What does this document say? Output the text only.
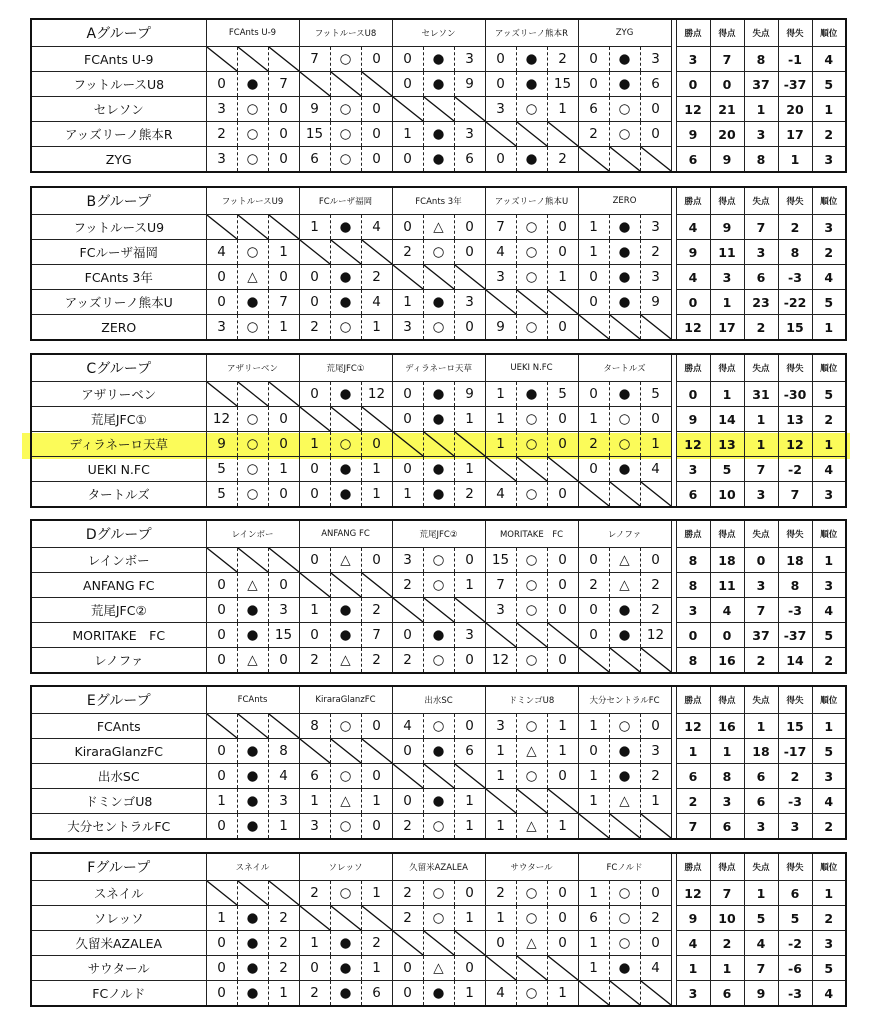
Aグループ	FCAnts U-9	フットルースU8	セレソン	アッズリーノ熊本R	ZYG		勝点	得点	失点	得失	順位
FCAnts U-9		7 ○ 0	0 ● 3	0 ● 2	0 ● 3		3	7	8	-1	4
フットルースU8	0 ● 7		0 ● 9	0 ● 15	0 ● 6		0	0	37	-37	5
セレソン	3 ○ 0	9 ○ 0		3 ○ 1	6 ○ 0		12	21	1	20	1
アッズリーノ熊本R	2 ○ 0	15 ○ 0	1 ● 3		2 ○ 0		9	20	3	17	2
ZYG	3 ○ 0	6 ○ 0	0 ● 6	0 ● 2			6	9	8	1	3
Bグループ	フットルースU9	FCルーザ福岡	FCAnts 3年	アッズリーノ熊本U	ZERO		勝点	得点	失点	得失	順位
フットルースU9		1 ● 4	0 △ 0	7 ○ 0	1 ● 3		4	9	7	2	3
FCルーザ福岡	4 ○ 1		2 ○ 0	4 ○ 0	1 ● 2		9	11	3	8	2
FCAnts 3年	0 △ 0	0 ● 2		3 ○ 1	0 ● 3		4	3	6	-3	4
アッズリーノ熊本U	0 ● 7	0 ● 4	1 ● 3		0 ● 9		0	1	23	-22	5
ZERO	3 ○ 1	2 ○ 1	3 ○ 0	9 ○ 0			12	17	2	15	1
Cグループ	アザリーベン	荒尾JFC①	ディラネーロ天草	UEKI N.FC	タートルズ		勝点	得点	失点	得失	順位
アザリーベン		0 ● 12	0 ● 9	1 ● 5	0 ● 5		0	1	31	-30	5
荒尾JFC①	12 ○ 0		0 ● 1	1 ○ 0	1 ○ 0		9	14	1	13	2
ディラネーロ天草	9 ○ 0	1 ○ 0		1 ○ 0	2 ○ 1		12	13	1	12	1
UEKI N.FC	5 ○ 1	0 ● 1	0 ● 1		0 ● 4		3	5	7	-2	4
タートルズ	5 ○ 0	0 ● 1	1 ● 2	4 ○ 0			6	10	3	7	3
Dグループ	レインボー	ANFANG FC	荒尾JFC②	MORITAKE　FC	レノファ		勝点	得点	失点	得失	順位
レインボー		0 △ 0	3 ○ 0	15 ○ 0	0 △ 0		8	18	0	18	1
ANFANG FC	0 △ 0		2 ○ 1	7 ○ 0	2 △ 2		8	11	3	8	3
荒尾JFC②	0 ● 3	1 ● 2		3 ○ 0	0 ● 2		3	4	7	-3	4
MORITAKE　FC	0 ● 15	0 ● 7	0 ● 3		0 ● 12		0	0	37	-37	5
レノファ	0 △ 0	2 △ 2	2 ○ 0	12 ○ 0			8	16	2	14	2
Eグループ	FCAnts	KiraraGlanzFC	出水SC	ドミンゴU8	大分セントラルFC		勝点	得点	失点	得失	順位
FCAnts		8 ○ 0	4 ○ 0	3 ○ 1	1 ○ 0		12	16	1	15	1
KiraraGlanzFC	0 ● 8		0 ● 6	1 △ 1	0 ● 3		1	1	18	-17	5
出水SC	0 ● 4	6 ○ 0		1 ○ 0	1 ● 2		6	8	6	2	3
ドミンゴU8	1 ● 3	1 △ 1	0 ● 1		1 △ 1		2	3	6	-3	4
大分セントラルFC	0 ● 1	3 ○ 0	2 ○ 1	1 △ 1			7	6	3	3	2
Fグループ	スネイル	ソレッソ	久留米AZALEA	サウタール	FCノルド		勝点	得点	失点	得失	順位
スネイル		2 ○ 1	2 ○ 0	2 ○ 0	1 ○ 0		12	7	1	6	1
ソレッソ	1 ● 2		2 ○ 1	1 ○ 0	6 ○ 2		9	10	5	5	2
久留米AZALEA	0 ● 2	1 ● 2		0 △ 0	1 ○ 0		4	2	4	-2	3
サウタール	0 ● 2	0 ● 1	0 △ 0		1 ● 4		1	1	7	-6	5
FCノルド	0 ● 1	2 ● 6	0 ● 1	4 ○ 1			3	6	9	-3	4
